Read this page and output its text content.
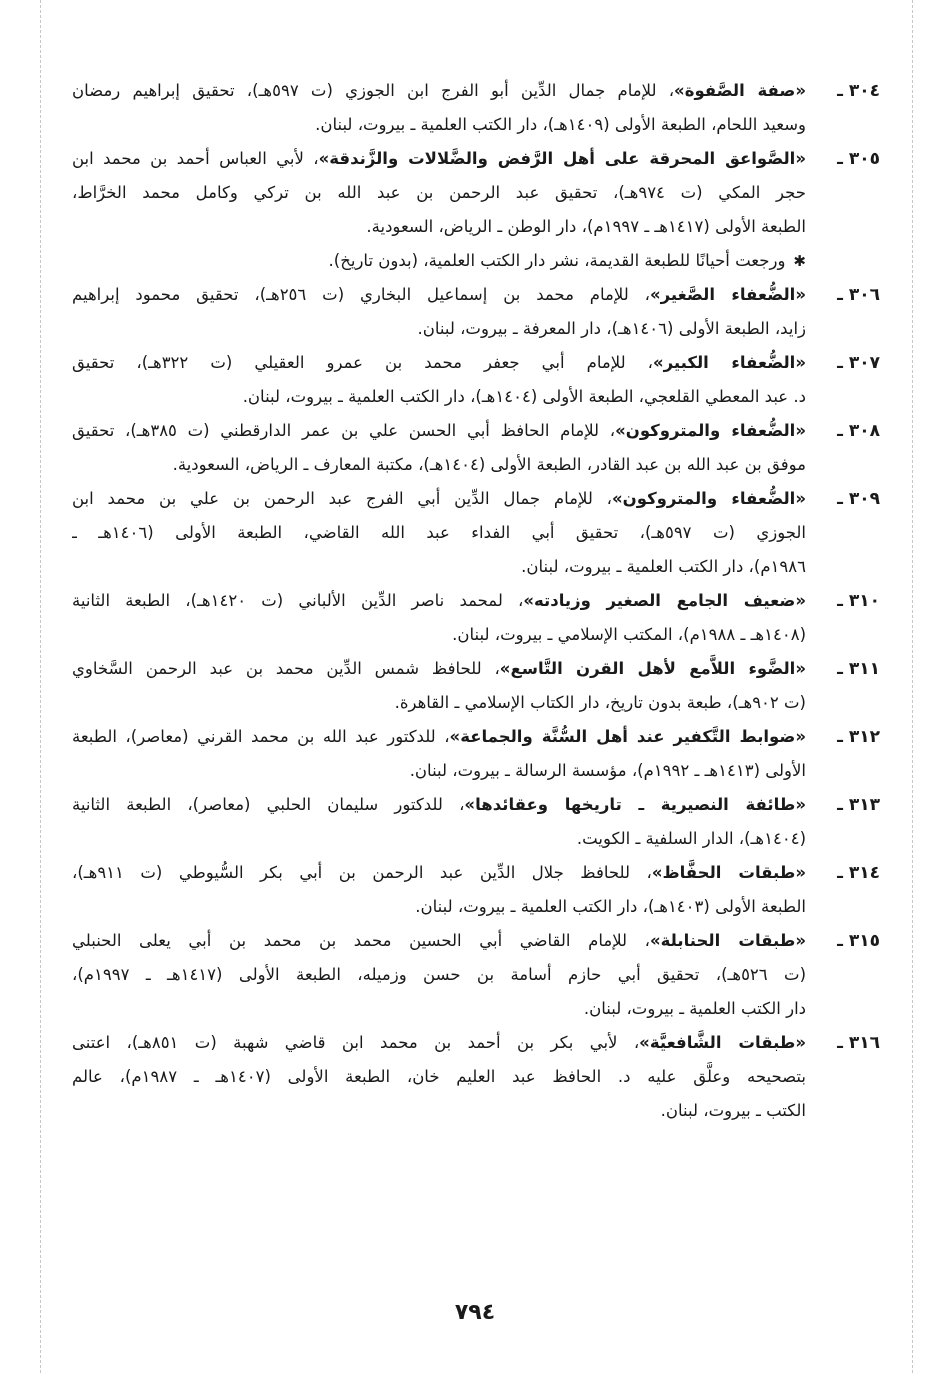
٣٠٤ ـ
«صفة الصَّفوة»، للإمام جمال الدِّين أبو الفرج ابن الجوزي (ت ٥٩٧هـ)، تحقيق إبراهيم رمضان
وسعيد اللحام، الطبعة الأولى (١٤٠٩هـ)، دار الكتب العلمية ـ بيروت، لبنان.
٣٠٥ ـ
«الصَّواعق المحرقة على أهل الرَّفض والضَّلالات والزَّندقة»، لأبي العباس أحمد بن محمد ابن
حجر المكي (ت ٩٧٤هـ)، تحقيق عبد الرحمن بن عبد الله بن تركي وكامل محمد الخرَّاط،
الطبعة الأولى (١٤١٧هـ ـ ١٩٩٧م)، دار الوطن ـ الرياض، السعودية.
✱
ورجعت أحيانًا للطبعة القديمة، نشر دار الكتب العلمية، (بدون تاريخ).
٣٠٦ ـ
«الضُّعفاء الصَّغير»، للإمام محمد بن إسماعيل البخاري (ت ٢٥٦هـ)، تحقيق محمود إبراهيم
زايد، الطبعة الأولى (١٤٠٦هـ)، دار المعرفة ـ بيروت، لبنان.
٣٠٧ ـ
«الضُّعفاء الكبير»، للإمام أبي جعفر محمد بن عمرو العقيلي (ت ٣٢٢هـ)، تحقيق
د. عبد المعطي القلعجي، الطبعة الأولى (١٤٠٤هـ)، دار الكتب العلمية ـ بيروت، لبنان.
٣٠٨ ـ
«الضُّعفاء والمتروكون»، للإمام الحافظ أبي الحسن علي بن عمر الدارقطني (ت ٣٨٥هـ)، تحقيق
موفق بن عبد الله بن عبد القادر، الطبعة الأولى (١٤٠٤هـ)، مكتبة المعارف ـ الرياض، السعودية.
٣٠٩ ـ
«الضُّعفاء والمتروكون»، للإمام جمال الدِّين أبي الفرج عبد الرحمن بن علي بن محمد ابن
الجوزي (ت ٥٩٧هـ)، تحقيق أبي الفداء عبد الله القاضي، الطبعة الأولى (١٤٠٦هـ ـ
١٩٨٦م)، دار الكتب العلمية ـ بيروت، لبنان.
٣١٠ ـ
«ضعيف الجامع الصغير وزيادته»، لمحمد ناصر الدِّين الألباني (ت ١٤٢٠هـ)، الطبعة الثانية
(١٤٠٨هـ ـ ١٩٨٨م)، المكتب الإسلامي ـ بيروت، لبنان.
٣١١ ـ
«الضَّوء اللاَّمع لأهل القرن التَّاسع»، للحافظ شمس الدِّين محمد بن عبد الرحمن السَّخاوي
(ت ٩٠٢هـ)، طبعة بدون تاريخ، دار الكتاب الإسلامي ـ القاهرة.
٣١٢ ـ
«ضوابط التَّكفير عند أهل السُّنَّة والجماعة»، للدكتور عبد الله بن محمد القرني (معاصر)، الطبعة
الأولى (١٤١٣هـ ـ ١٩٩٢م)، مؤسسة الرسالة ـ بيروت، لبنان.
٣١٣ ـ
«طائفة النصيرية ـ تاريخها وعقائدها»، للدكتور سليمان الحلبي (معاصر)، الطبعة الثانية
(١٤٠٤هـ)، الدار السلفية ـ الكويت.
٣١٤ ـ
«طبقات الحفَّاظ»، للحافظ جلال الدِّين عبد الرحمن بن أبي بكر السُّيوطي (ت ٩١١هـ)،
الطبعة الأولى (١٤٠٣هـ)، دار الكتب العلمية ـ بيروت، لبنان.
٣١٥ ـ
«طبقات الحنابلة»، للإمام القاضي أبي الحسين محمد بن محمد بن أبي يعلى الحنبلي
(ت ٥٢٦هـ)، تحقيق أبي حازم أسامة بن حسن وزميله، الطبعة الأولى (١٤١٧هـ ـ ١٩٩٧م)،
دار الكتب العلمية ـ بيروت، لبنان.
٣١٦ ـ
«طبقات الشَّافعيَّة»، لأبي بكر بن أحمد بن محمد ابن قاضي شهبة (ت ٨٥١هـ)، اعتنى
بتصحيحه وعلَّق عليه د. الحافظ عبد العليم خان، الطبعة الأولى (١٤٠٧هـ ـ ١٩٨٧م)، عالم
الكتب ـ بيروت، لبنان.
٧٩٤
